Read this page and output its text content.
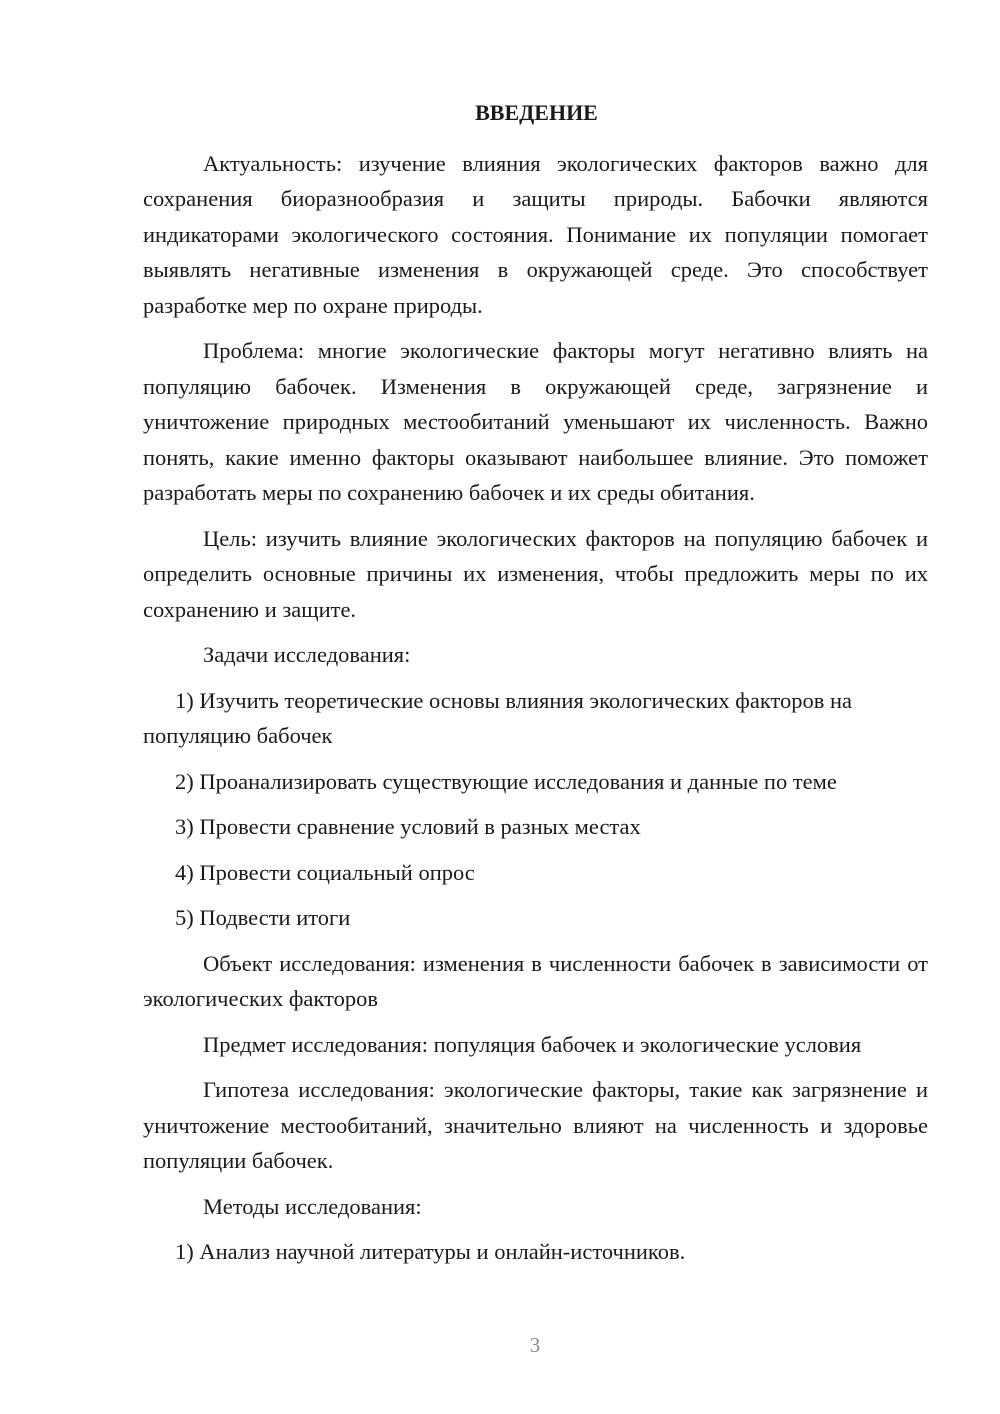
ВВЕДЕНИЕ

Актуальность: изучение влияния экологических факторов важно для сохранения биоразнообразия и защиты природы. Бабочки являются индикаторами экологического состояния. Понимание их популяции помогает выявлять негативные изменения в окружающей среде. Это способствует разработке мер по охране природы.

Проблема: многие экологические факторы могут негативно влиять на популяцию бабочек. Изменения в окружающей среде, загрязнение и уничтожение природных местообитаний уменьшают их численность. Важно понять, какие именно факторы оказывают наибольшее влияние. Это поможет разработать меры по сохранению бабочек и их среды обитания.

Цель: изучить влияние экологических факторов на популяцию бабочек и определить основные причины их изменения, чтобы предложить меры по их сохранению и защите.

Задачи исследования:

1) Изучить теоретические основы влияния экологических факторов на популяцию бабочек

2) Проанализировать существующие исследования и данные по теме

3) Провести сравнение условий в разных местах

4) Провести социальный опрос

5) Подвести итоги

Объект исследования: изменения в численности бабочек в зависимости от экологических факторов

Предмет исследования: популяция бабочек и экологические условия

Гипотеза исследования: экологические факторы, такие как загрязнение и уничтожение местообитаний, значительно влияют на численность и здоровье популяции бабочек.

Методы исследования:

1) Анализ научной литературы и онлайн-источников.

3
